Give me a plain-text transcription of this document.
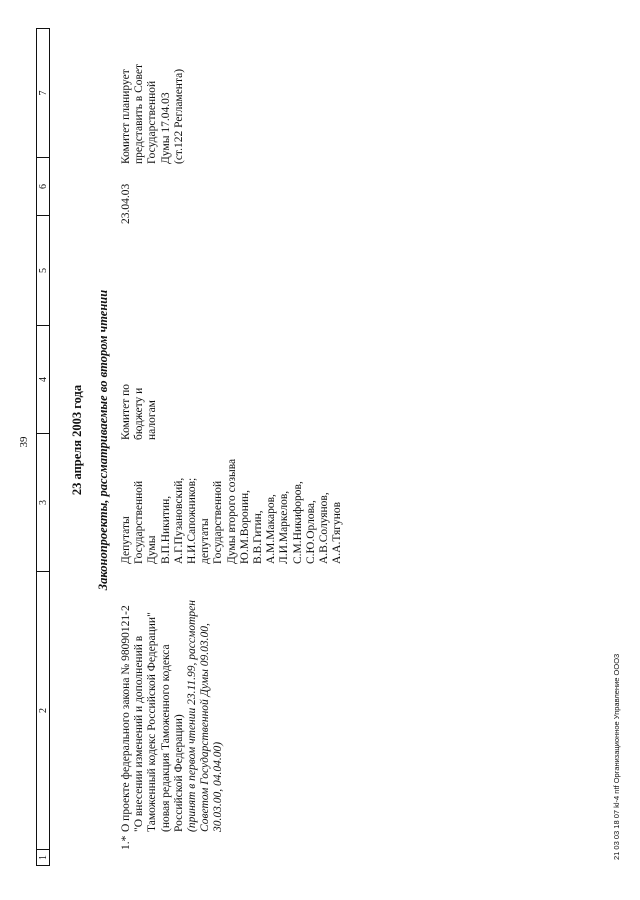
39
1
2
3
4
5
6
7
23 апреля 2003 года Законопроекты, рассматриваемые во втором чтении
1.*
О проекте федерального закона № 98090121-2 "О внесении изменений и дополнений в Таможенный кодекс Российской Федерации" (новая редакция Таможенного кодекса Российской Федерации) (принят в первом чтении 23.11.99, рассмотрен Советом Государственной Думы 09.03.00, 30.03.00, 04.04.00)
Депутаты Государственной Думы В.П.Никитин, А.Г.Пузановский, Н.И.Сапожников; депутаты Государственной Думы второго созыва Ю.М.Воронин, В.В.Гитин, А.М.Макаров, Л.И.Маркелов, С.М.Никифоров, С.Ю.Орлова, А.В.Солуянов, А.А.Тягунов
Комитет по бюджету и налогам
23.04.03
Комитет планирует представить в Совет Государственной Думы 17.04.03 (ст.122 Регламента)
21 03 03 18 07 kl-4 ntf Организационное Управление ООО3
